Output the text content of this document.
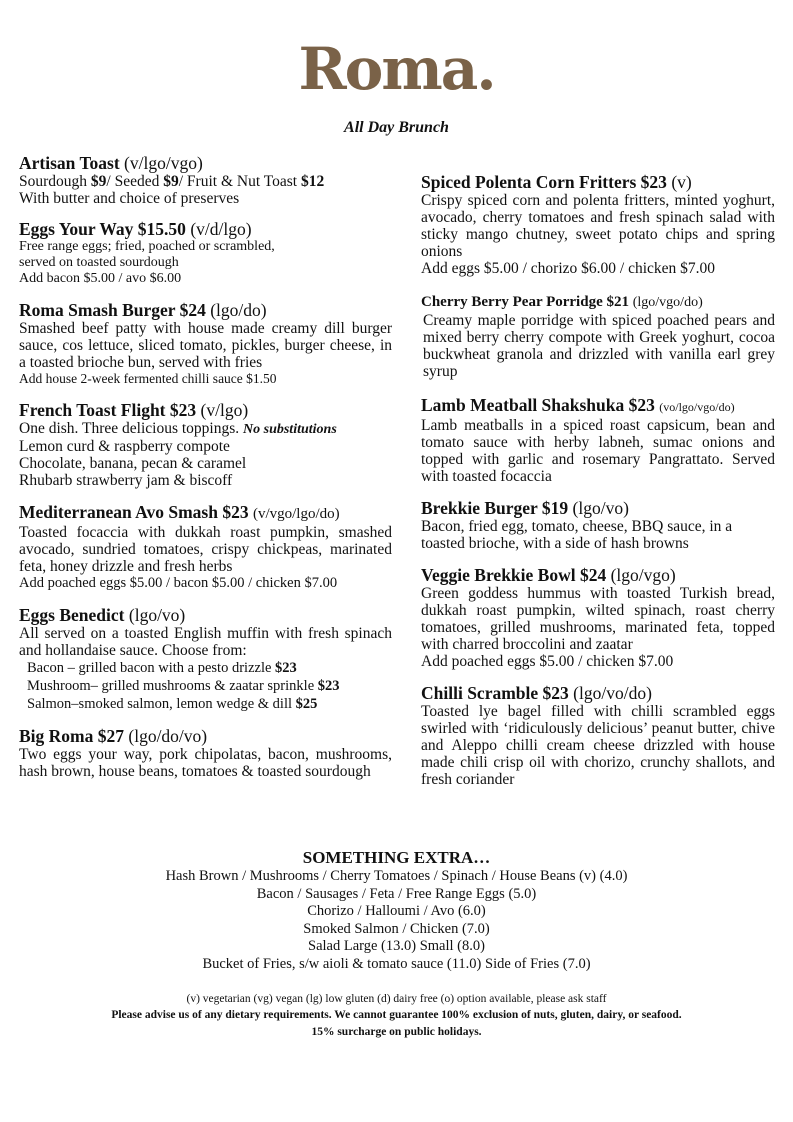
Roma.
All Day Brunch
Artisan Toast (v/lgo/vgo)
Sourdough $9/ Seeded $9/ Fruit & Nut Toast $12
With butter and choice of preserves
Eggs Your Way $15.50 (v/d/lgo)
Free range eggs; fried, poached or scrambled,
served on toasted sourdough
Add bacon $5.00 / avo $6.00
Roma Smash Burger $24 (lgo/do)
Smashed beef patty with house made creamy dill burger sauce, cos lettuce, sliced tomato, pickles, burger cheese, in a toasted brioche bun, served with fries
Add house 2-week fermented chilli sauce $1.50
French Toast Flight $23 (v/lgo)
One dish. Three delicious toppings. No substitutions
Lemon curd & raspberry compote
Chocolate, banana, pecan & caramel
Rhubarb strawberry jam & biscoff
Mediterranean Avo Smash $23 (v/vgo/lgo/do)
Toasted focaccia with dukkah roast pumpkin, smashed avocado, sundried tomatoes, crispy chickpeas, marinated feta, honey drizzle and fresh herbs
Add poached eggs $5.00 / bacon $5.00 / chicken $7.00
Eggs Benedict (lgo/vo)
All served on a toasted English muffin with fresh spinach and hollandaise sauce. Choose from:
Bacon – grilled bacon with a pesto drizzle $23
Mushroom– grilled mushrooms & zaatar sprinkle $23
Salmon–smoked salmon, lemon wedge & dill $25
Big Roma $27 (lgo/do/vo)
Two eggs your way, pork chipolatas, bacon, mushrooms, hash brown, house beans, tomatoes & toasted sourdough
Spiced Polenta Corn Fritters $23 (v)
Crispy spiced corn and polenta fritters, minted yoghurt, avocado, cherry tomatoes and fresh spinach salad with sticky mango chutney, sweet potato chips and spring onions
Add eggs $5.00 / chorizo $6.00 / chicken $7.00
Cherry Berry Pear Porridge $21 (lgo/vgo/do)
Creamy maple porridge with spiced poached pears and mixed berry cherry compote with Greek yoghurt, cocoa buckwheat granola and drizzled with vanilla earl grey syrup
Lamb Meatball Shakshuka $23 (vo/lgo/vgo/do)
Lamb meatballs in a spiced roast capsicum, bean and tomato sauce with herby labneh, sumac onions and topped with garlic and rosemary Pangrattato. Served with toasted focaccia
Brekkie Burger $19 (lgo/vo)
Bacon, fried egg, tomato, cheese, BBQ sauce, in a toasted brioche, with a side of hash browns
Veggie Brekkie Bowl $24 (lgo/vgo)
Green goddess hummus with toasted Turkish bread, dukkah roast pumpkin, wilted spinach, roast cherry tomatoes, grilled mushrooms, marinated feta, topped with charred broccolini and zaatar
Add poached eggs $5.00 / chicken $7.00
Chilli Scramble $23 (lgo/vo/do)
Toasted lye bagel filled with chilli scrambled eggs swirled with ‘ridiculously delicious’ peanut butter, chive and Aleppo chilli cream cheese drizzled with house made chili crisp oil with chorizo, crunchy shallots, and fresh coriander
SOMETHING EXTRA…
Hash Brown / Mushrooms / Cherry Tomatoes / Spinach / House Beans (v) (4.0)
Bacon / Sausages / Feta / Free Range Eggs (5.0)
Chorizo / Halloumi / Avo (6.0)
Smoked Salmon / Chicken (7.0)
Salad Large (13.0) Small (8.0)
Bucket of Fries, s/w aioli & tomato sauce (11.0) Side of Fries (7.0)
(v) vegetarian (vg) vegan (lg) low gluten (d) dairy free (o) option available, please ask staff
Please advise us of any dietary requirements. We cannot guarantee 100% exclusion of nuts, gluten, dairy, or seafood.
15% surcharge on public holidays.
